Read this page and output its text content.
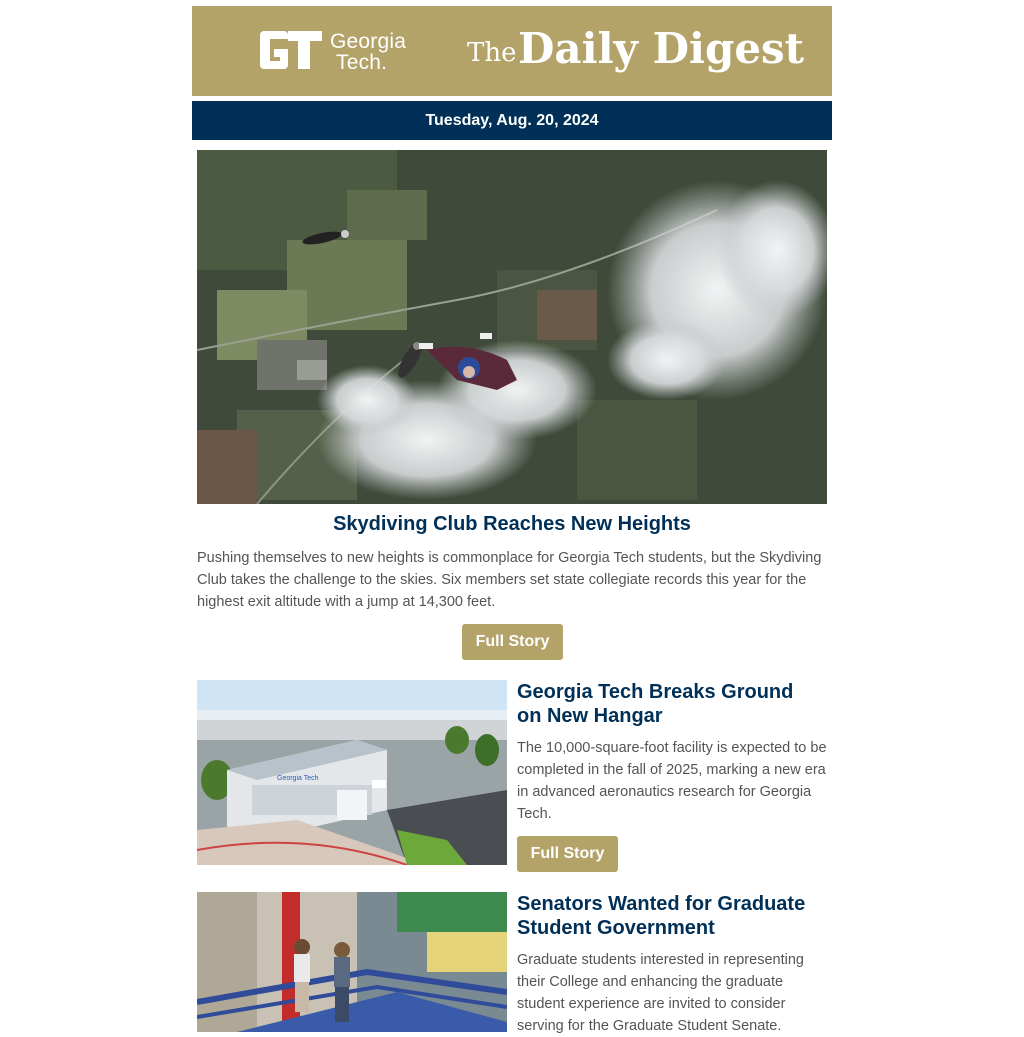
Georgia
Tech.	The Daily Digest
Tuesday, Aug. 20, 2024
Skydiving Club Reaches New Heights
Pushing themselves to new heights is commonplace for Georgia Tech students, but the Skydiving Club takes the challenge to the skies. Six members set state collegiate records this year for the highest exit altitude with a jump at 14,300 feet.
Full Story
Georgia Tech
Georgia Tech Breaks Ground on New Hangar
The 10,000-square-foot facility is expected to be completed in the fall of 2025, marking a new era in advanced aeronautics research for Georgia Tech.
Full Story
Senators Wanted for Graduate Student Government
Graduate students interested in representing their College and enhancing the graduate student experience are invited to consider serving for the Graduate Student Senate.
